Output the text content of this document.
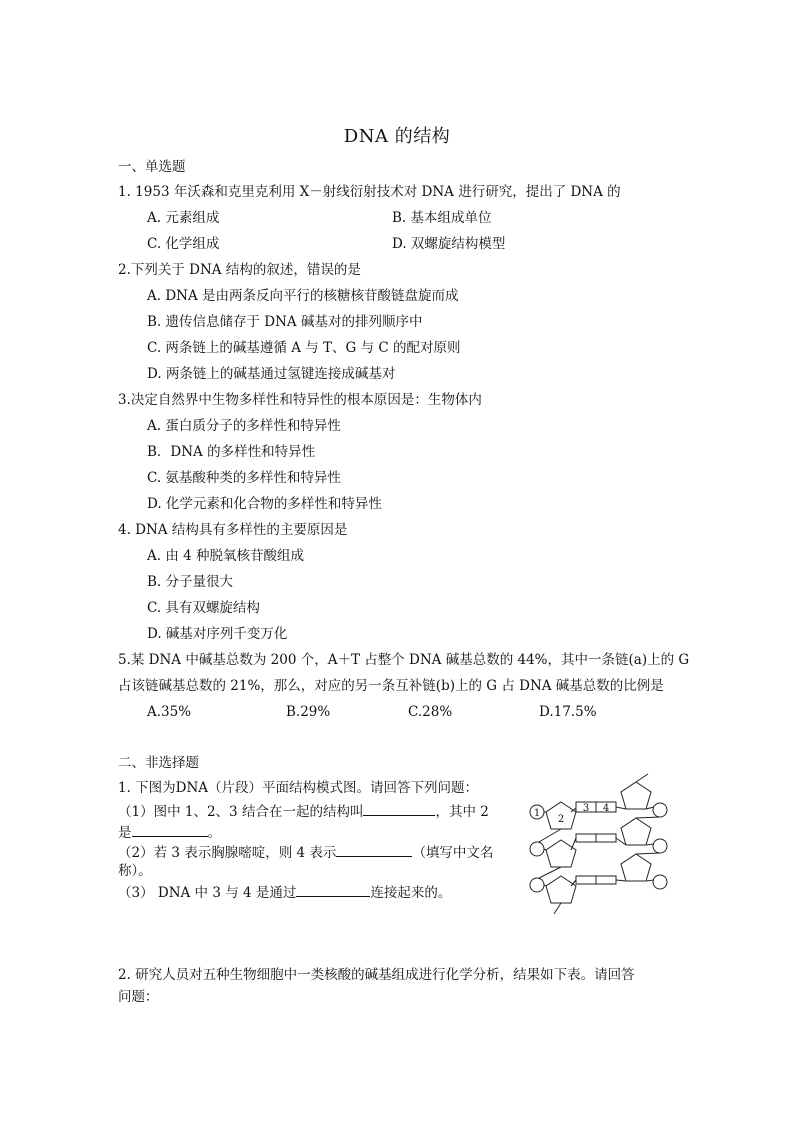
DNA 的结构
一、单选题
1. 1953 年沃森和克里克利用 X－射线衍射技术对 DNA 进行研究，提出了 DNA 的
A. 元素组成	B. 基本组成单位
C. 化学组成	D. 双螺旋结构模型
2.下列关于 DNA 结构的叙述，错误的是
A. DNA 是由两条反向平行的核糖核苷酸链盘旋而成
B. 遗传信息储存于 DNA 碱基对的排列顺序中
C. 两条链上的碱基遵循 A 与 T、G 与 C 的配对原则
D. 两条链上的碱基通过氢键连接成碱基对
3.决定自然界中生物多样性和特异性的根本原因是：生物体内
A. 蛋白质分子的多样性和特异性
B．DNA 的多样性和特异性
C. 氨基酸种类的多样性和特异性
D. 化学元素和化合物的多样性和特异性
4. DNA 结构具有多样性的主要原因是
A. 由 4 种脱氧核苷酸组成
B. 分子量很大
C. 具有双螺旋结构
D. 碱基对序列千变万化
5.某 DNA 中碱基总数为 200 个，A＋T 占整个 DNA 碱基总数的 44%，其中一条链(a)上的 G
占该链碱基总数的 21%，那么，对应的另一条互补链(b)上的 G 占 DNA 碱基总数的比例是
A.35%	B.29%	C.28%	D.17.5%
二、非选择题
1. 下图为DNA（片段）平面结构模式图。请回答下列问题：
（1）图中 1、2、3 结合在一起的结构叫	，其中 2
是	。
（2）若 3 表示胸腺嘧啶，则 4 表示	（填写中文名
称）。
（3） DNA 中 3 与 4 是通过	连接起来的。
1
2
3 4
2. 研究人员对五种生物细胞中一类核酸的碱基组成进行化学分析，结果如下表。请回答
问题：
